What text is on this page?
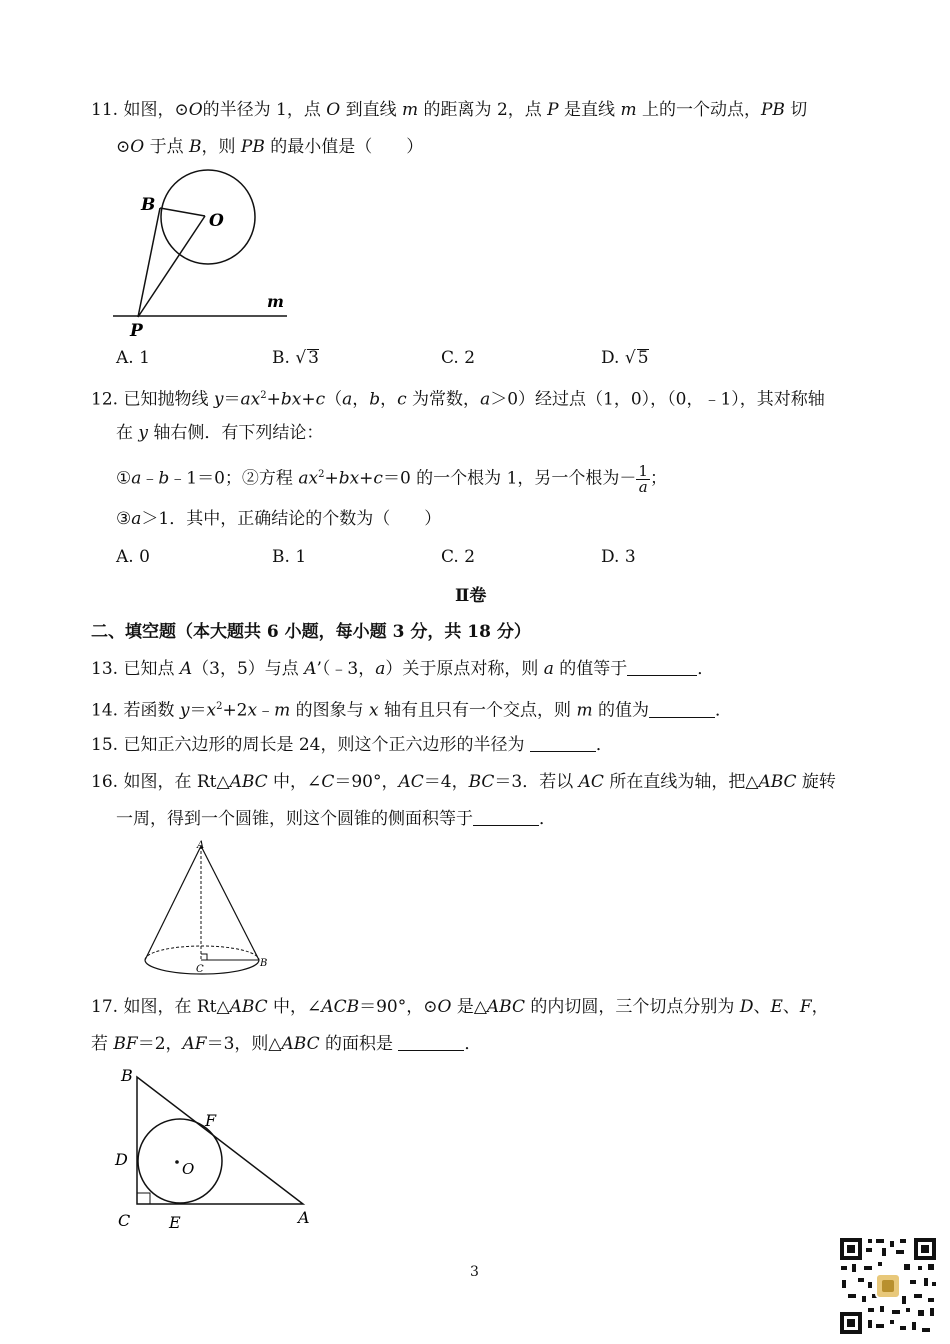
11. 如图，⊙O的半径为 1，点 O 到直线 m 的距离为 2，点 P 是直线 m 上的一个动点，PB 切
⊙O 于点 B，则 PB 的最小值是（　　）
B
O
m
P
A. 1	B. √ 3	C. 2	D. √ 5
12. 已知抛物线 $y=ax^2+bx+c(a$，b，c 为常数，a＞0）经过点（1，0），（0，﹣1），其对称轴
在 y 轴右侧．有下列结论：
①a﹣b﹣1＝0；②方程 $ax^2+bx+c=0$ 的一个根为 1，另一个根为－ $\frac{1}{a}$ ；
③a＞1．其中，正确结论的个数为（　　）
A. 0	B. 1	C. 2	D. 3
Ⅱ卷
二、填空题（本大题共 6 小题，每小题 3 分，共 18 分）
13. 已知点 A（3，5）与点 A’（﹣3，a）关于原点对称，则 a 的值等于	．
14. 若函数 $y=x^2+2x﹣m$ 的图象与 x 轴有且只有一个交点，则 m 的值为	．
15. 已知正六边形的周长是 24，则这个正六边形的半径为	．
16. 如图，在 Rt△ABC 中，∠C＝90°，AC＝4，BC＝3．若以 AC 所在直线为轴，把△ABC 旋转
一周，得到一个圆锥，则这个圆锥的侧面积等于	．
A
B
C
17. 如图，在 Rt△ABC 中，∠ACB＝90°，⊙O 是△ABC 的内切圆，三个切点分别为 D、E、F，
若 BF＝2，AF＝3，则△ABC 的面积是	．
B
F
D	O
C E	A
3
